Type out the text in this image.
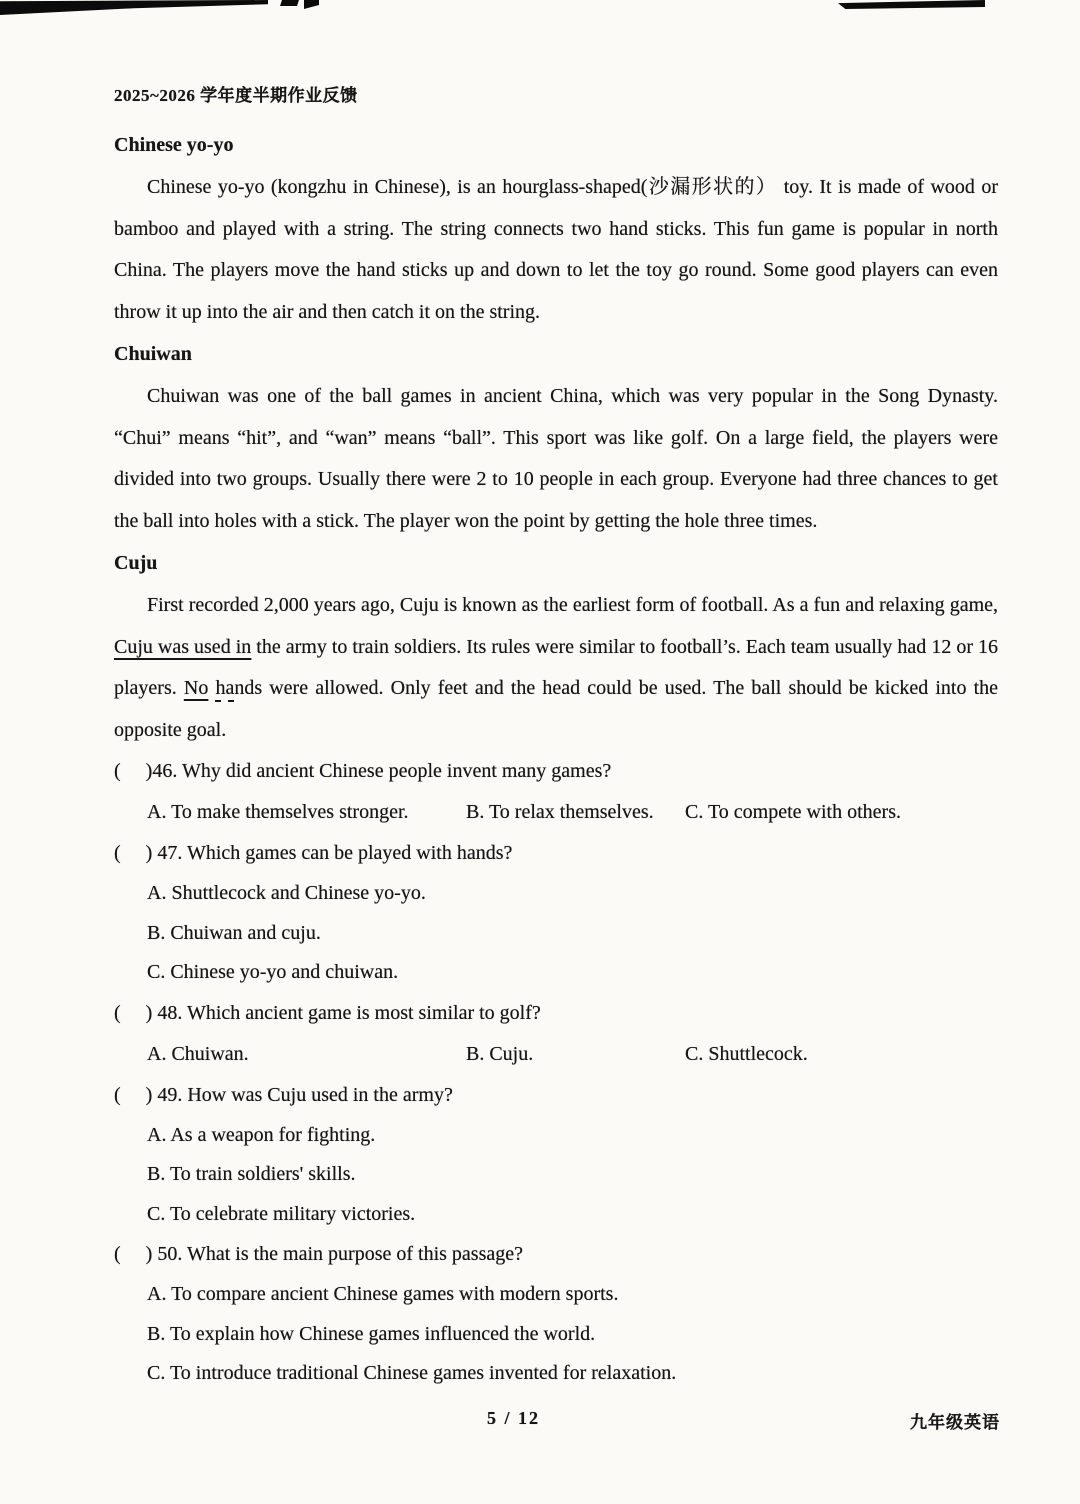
2025~2026 学年度半期作业反馈
Chinese yo-yo

Chinese yo-yo (kongzhu in Chinese), is an hourglass-shaped(沙漏形状的） toy. It is made of wood or bamboo and played with a string. The string connects two hand sticks. This fun game is popular in north China. The players move the hand sticks up and down to let the toy go round. Some good players can even throw it up into the air and then catch it on the string.

Chuiwan

Chuiwan was one of the ball games in ancient China, which was very popular in the Song Dynasty. “Chui” means “hit”, and “wan” means “ball”. This sport was like golf. On a large field, the players were divided into two groups. Usually there were 2 to 10 people in each group. Everyone had three chances to get the ball into holes with a stick. The player won the point by getting the hole three times.

Cuju

First recorded 2,000 years ago, Cuju is known as the earliest form of football. As a fun and relaxing game, Cuju was used in the army to train soldiers. Its rules were similar to football’s. Each team usually had 12 or 16 players. No hands were allowed. Only feet and the head could be used. The ball should be kicked into the opposite goal.

(　 )46. Why did ancient Chinese people invent many games?
A. To make themselves stronger.	B. To relax themselves.	C. To compete with others.
(　 ) 47. Which games can be played with hands?
A. Shuttlecock and Chinese yo-yo.
B. Chuiwan and cuju.
C. Chinese yo-yo and chuiwan.
(　 ) 48. Which ancient game is most similar to golf?
A. Chuiwan.	B. Cuju.	C. Shuttlecock.
(　 ) 49. How was Cuju used in the army?
A. As a weapon for fighting.
B. To train soldiers' skills.
C. To celebrate military victories.
(　 ) 50. What is the main purpose of this passage?
A. To compare ancient Chinese games with modern sports.
B. To explain how Chinese games influenced the world.
C. To introduce traditional Chinese games invented for relaxation.
5 / 12	九年级英语
